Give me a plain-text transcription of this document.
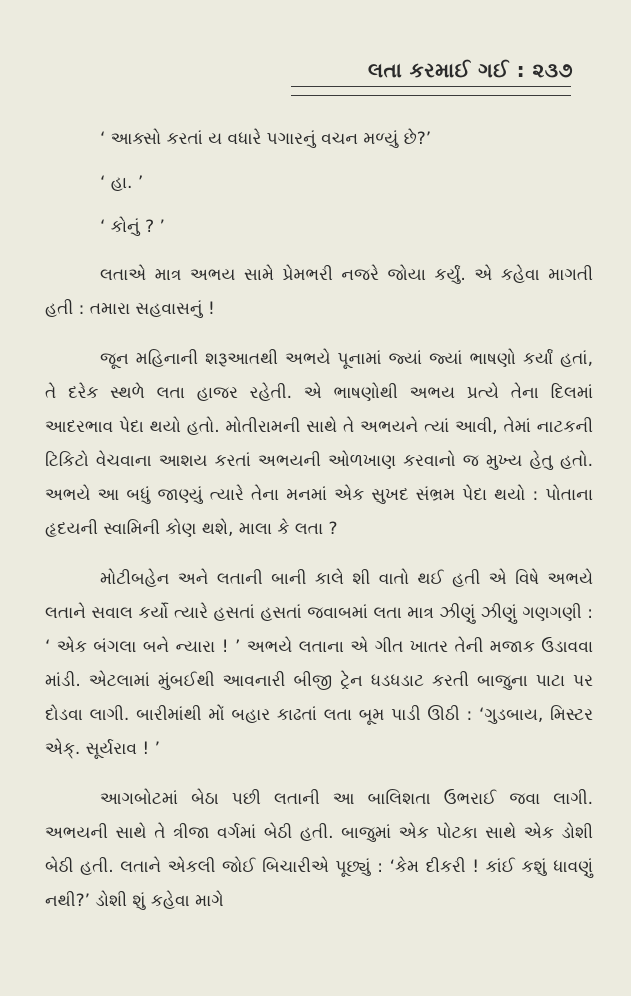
લતા કરમાઈ ગઈ : ૨૩૭

‘ આક્સો કરતાં ય વધારે પગારનું વચન મળ્યું છે?’

‘ હા. ’

‘ કોનું ? ’

લતાએ માત્ર અભય સામે પ્રેમભરી નજરે જોયા કર્યું. એ કહેવા માગતી હતી : તમારા સહવાસનું !

જૂન મહિનાની શરૂઆતથી અભયે પૂનામાં જ્યાં જ્યાં ભાષણો કર્યાં હતાં, તે દરેક સ્થળે લતા હાજર રહેતી. એ ભાષણોથી અભય પ્રત્યે તેના દિલમાં આદરભાવ પેદા થયો હતો. મોતીરામની સાથે તે અભયને ત્યાં આવી, તેમાં નાટકની ટિકિટો વેચવાના આશય કરતાં અભયની ઓળખાણ કરવાનો જ મુખ્ય હેતુ હતો. અભયે આ બધું જાણ્યું ત્યારે તેના મનમાં એક સુખદ સંભ્રમ પેદા થયો : પોતાના હૃદયની સ્વામિની કોણ થશે, માલા કે લતા ?

મોટીબહેન અને લતાની બાની કાલે શી વાતો થઈ હતી એ વિષે અભયે લતાને સવાલ કર્યો ત્યારે હસતાં હસતાં જવાબમાં લતા માત્ર ઝીણું ઝીણું ગણગણી : ‘ એક બંગલા બને ન્યારા ! ’ અભયે લતાના એ ગીત ખાતર તેની મજાક ઉડાવવા માંડી. એટલામાં મુંબઈથી આવનારી બીજી ટ્રેન ધડધડાટ કરતી બાજુના પાટા પર દોડવા લાગી. બારીમાંથી મોં બહાર કાઢતાં લતા બૂમ પાડી ઊઠી : ‘ગુડબાય, મિસ્ટર એક્. સૂર્યરાવ ! ’

આગબોટમાં બેઠા પછી લતાની આ બાલિશતા ઉભરાઈ જવા લાગી. અભયની સાથે તે ત્રીજા વર્ગમાં બેઠી હતી. બાજુમાં એક પોટકા સાથે એક ડોશી બેઠી હતી. લતાને એકલી જોઈ બિચારીએ પૂછ્યું : ‘કેમ દીકરી ! કાંઈ કશું ધાવણું નથી?’ ડોશી શું કહેવા માગે
